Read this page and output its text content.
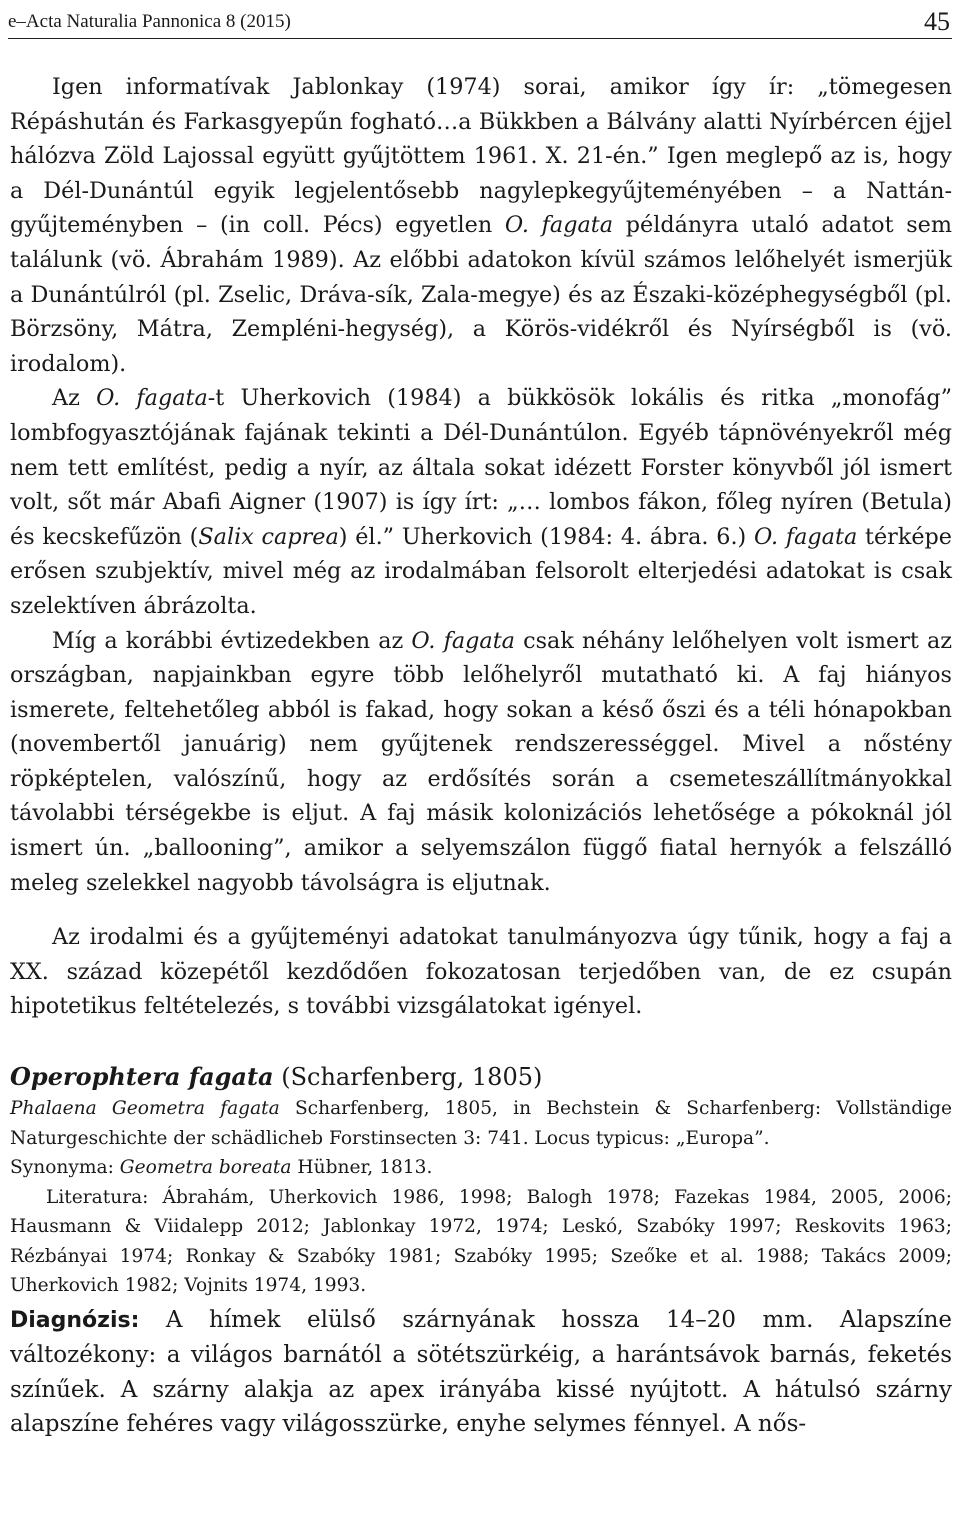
e–Acta Naturalia Pannonica 8 (2015)	45

Igen informatívak Jablonkay (1974) sorai, amikor így ír: „tömegesen Répáshután és Farkasgyepűn fogható…a Bükkben a Bálvány alatti Nyírbércen éjjel hálózva Zöld Lajossal együtt gyűjtöttem 1961. X. 21-én.” Igen meglepő az is, hogy a Dél-Dunántúl egyik legjelentősebb nagylepkegyűjteményében – a Nattán-gyűjteményben – (in coll. Pécs) egyetlen O. fagata példányra utaló adatot sem találunk (vö. Ábrahám 1989). Az előbbi adatokon kívül számos lelőhelyét ismerjük a Dunántúlról (pl. Zselic, Dráva-sík, Zala-megye) és az Északi-középhegységből (pl. Börzsöny, Mátra, Zempléni-hegység), a Körös-vidékről és Nyírségből is (vö. irodalom).

Az O. fagata-t Uherkovich (1984) a bükkösök lokális és ritka „monofág” lombfogyasztójának fajának tekinti a Dél-Dunántúlon. Egyéb tápnövényekről még nem tett említést, pedig a nyír, az általa sokat idézett Forster könyvből jól ismert volt, sőt már Abafi Aigner (1907) is így írt: „… lombos fákon, főleg nyíren (Betula) és kecskefűzön (Salix caprea) él.” Uherkovich (1984: 4. ábra. 6.) O. fagata térképe erősen szubjektív, mivel még az irodalmában felsorolt elterjedési adatokat is csak szelektíven ábrázolta.

Míg a korábbi évtizedekben az O. fagata csak néhány lelőhelyen volt ismert az országban, napjainkban egyre több lelőhelyről mutatható ki. A faj hiányos ismerete, feltehetőleg abból is fakad, hogy sokan a késő őszi és a téli hónapokban (novembertől januárig) nem gyűjtenek rendszerességgel. Mivel a nőstény röpképtelen, valószínű, hogy az erdősítés során a csemeteszállítmányokkal távolabbi térségekbe is eljut. A faj másik kolonizációs lehetősége a pókoknál jól ismert ún. „ballooning”, amikor a selyemszálon függő fiatal hernyók a felszálló meleg szelekkel nagyobb távolságra is eljutnak.

Az irodalmi és a gyűjteményi adatokat tanulmányozva úgy tűnik, hogy a faj a XX. század közepétől kezdődően fokozatosan terjedőben van, de ez csupán hipotetikus feltételezés, s további vizsgálatokat igényel.

Operophtera fagata (Scharfenberg, 1805)

Phalaena Geometra fagata Scharfenberg, 1805, in Bechstein & Scharfenberg: Vollständige Naturgeschichte der schädlicheb Forstinsecten 3: 741. Locus typicus: „Europa”.

Synonyma: Geometra boreata Hübner, 1813.

Literatura: Ábrahám, Uherkovich 1986, 1998; Balogh 1978; Fazekas 1984, 2005, 2006; Hausmann & Viidalepp 2012; Jablonkay 1972, 1974; Leskó, Szabóky 1997; Reskovits 1963; Rézbányai 1974; Ronkay & Szabóky 1981; Szabóky 1995; Szeőke et al. 1988; Takács 2009; Uherkovich 1982; Vojnits 1974, 1993.

Diagnózis: A hímek elülső szárnyának hossza 14–20 mm. Alapszíne változékony: a világos barnától a sötétszürkéig, a harántsávok barnás, feketés színűek. A szárny alakja az apex irányába kissé nyújtott. A hátulsó szárny alapszíne fehéres vagy világosszürke, enyhe selymes fénnyel. A nős-
